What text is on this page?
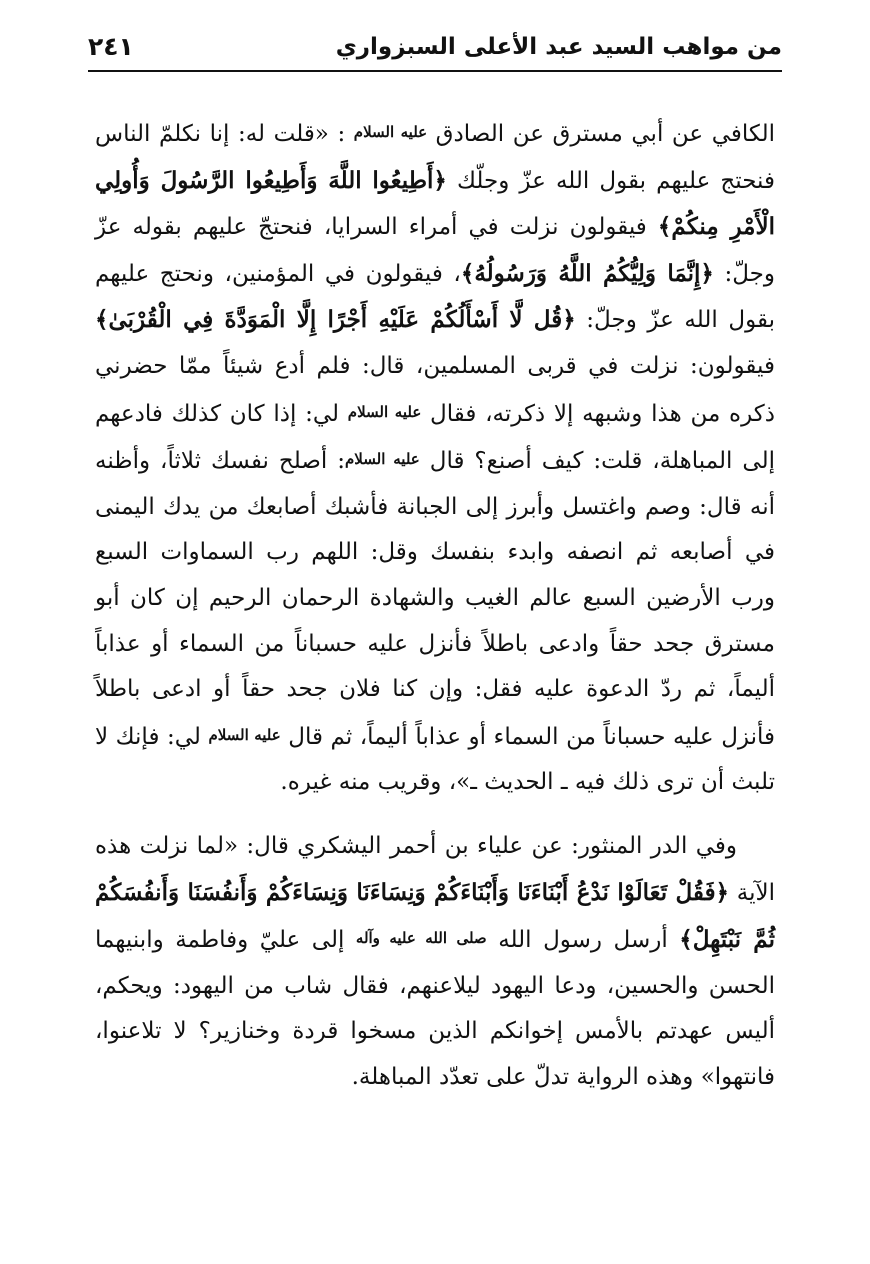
من مواهب السيد عبد الأعلى السبزواري
٢٤١

الكافي عن أبي مسترق عن الصادق عليه السلام : «قلت له: إنا نكلمّ الناس فنحتج عليهم بقول الله عزّ وجلّك ﴿أَطِيعُوا اللَّهَ وَأَطِيعُوا الرَّسُولَ وَأُولِي الْأَمْرِ مِنكُمْ﴾ فيقولون نزلت في أمراء السرايا، فنحتجّ عليهم بقوله عزّ وجلّ: ﴿إِنَّمَا وَلِيُّكُمُ اللَّهُ وَرَسُولُهُ﴾، فيقولون في المؤمنين، ونحتج عليهم بقول الله عزّ وجلّ: ﴿قُل لَّا أَسْأَلُكُمْ عَلَيْهِ أَجْرًا إِلَّا الْمَوَدَّةَ فِي الْقُرْبَىٰ﴾ فيقولون: نزلت في قربى المسلمين، قال: فلم أدع شيئاً ممّا حضرني ذكره من هذا وشبهه إلا ذكرته، فقال عليه السلام لي: إذا كان كذلك فادعهم إلى المباهلة، قلت: كيف أصنع؟ قال عليه السلام: أصلح نفسك ثلاثاً، وأظنه أنه قال: وصم واغتسل وأبرز إلى الجبانة فأشبك أصابعك من يدك اليمنى في أصابعه ثم انصفه وابدء بنفسك وقل: اللهم رب السماوات السبع ورب الأرضين السبع عالم الغيب والشهادة الرحمان الرحيم إن كان أبو مسترق جحد حقاً وادعى باطلاً فأنزل عليه حسباناً من السماء أو عذاباً أليماً، ثم ردّ الدعوة عليه فقل: وإن كنا فلان جحد حقاً أو ادعى باطلاً فأنزل عليه حسباناً من السماء أو عذاباً أليماً، ثم قال عليه السلام لي: فإنك لا تلبث أن ترى ذلك فيه ـ الحديث ـ»، وقريب منه غيره.

وفي الدر المنثور: عن علياء بن أحمر اليشكري قال: «لما نزلت هذه الآية ﴿فَقُلْ تَعَالَوْا نَدْعُ أَبْنَاءَنَا وَأَبْنَاءَكُمْ وَنِسَاءَنَا وَنِسَاءَكُمْ وَأَنفُسَنَا وَأَنفُسَكُمْ ثُمَّ نَبْتَهِلْ﴾ أرسل رسول الله صلى الله عليه وآله إلى عليّ وفاطمة وابنيهما الحسن والحسين، ودعا اليهود ليلاعنهم، فقال شاب من اليهود: ويحكم، أليس عهدتم بالأمس إخوانكم الذين مسخوا قردة وخنازير؟ لا تلاعنوا، فانتهوا» وهذه الرواية تدلّ على تعدّد المباهلة.
